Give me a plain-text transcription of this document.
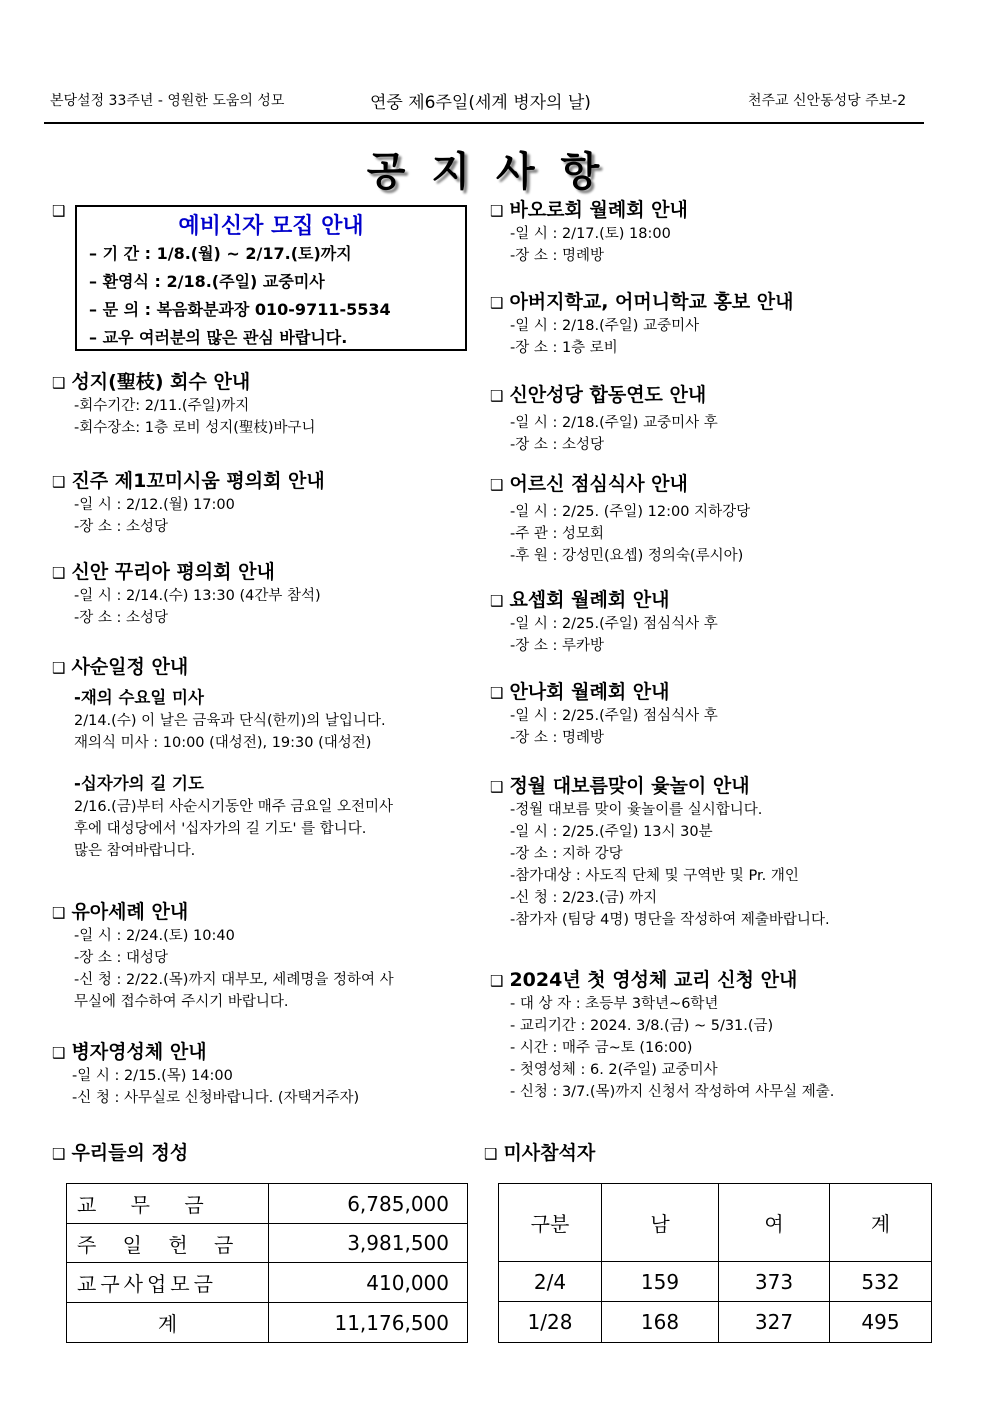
본당설정 33주년 - 영원한 도움의 성모	연중 제6주일(세계 병자의 날)	천주교 신안동성당 주보-2
공지사항
❑
예비신자 모집 안내
– 기 간 : 1/8.(월) ~ 2/17.(토)까지
– 환영식 : 2/18.(주일) 교중미사
– 문 의 : 복음화분과장 010-9711-5534
– 교우 여러분의 많은 관심 바랍니다.
❑ 성지(聖枝) 회수 안내
-회수기간: 2/11.(주일)까지
-회수장소: 1층 로비 성지(聖枝)바구니
❑ 진주 제1꼬미시움 평의회 안내
-일 시 : 2/12.(월) 17:00
-장 소 : 소성당
❑ 신안 꾸리아 평의회 안내
-일 시 : 2/14.(수) 13:30 (4간부 참석)
-장 소 : 소성당
❑ 사순일정 안내
-재의 수요일 미사
2/14.(수) 이 날은 금육과 단식(한끼)의 날입니다.
재의식 미사 : 10:00 (대성전), 19:30 (대성전)
-십자가의 길 기도
2/16.(금)부터 사순시기동안 매주 금요일 오전미사
후에 대성당에서 '십자가의 길 기도' 를 합니다.
많은 참여바랍니다.
❑ 유아세례 안내
-일 시 : 2/24.(토) 10:40
-장 소 : 대성당
-신 청 : 2/22.(목)까지 대부모, 세례명을 정하여 사
무실에 접수하여 주시기 바랍니다.
❑ 병자영성체 안내
-일 시 : 2/15.(목) 14:00
-신 청 : 사무실로 신청바랍니다. (자택거주자)
❑ 바오로회 월례회 안내
-일 시 : 2/17.(토) 18:00
-장 소 : 명례방
❑ 아버지학교, 어머니학교 홍보 안내
-일 시 : 2/18.(주일) 교중미사
-장 소 : 1층 로비
❑ 신안성당 합동연도 안내
-일 시 : 2/18.(주일) 교중미사 후
-장 소 : 소성당
❑ 어르신 점심식사 안내
-일 시 : 2/25. (주일) 12:00 지하강당
-주 관 : 성모회
-후 원 : 강성민(요셉) 정의숙(루시아)
❑ 요셉회 월례회 안내
-일 시 : 2/25.(주일) 점심식사 후
-장 소 : 루카방
❑ 안나회 월례회 안내
-일 시 : 2/25.(주일) 점심식사 후
-장 소 : 명례방
❑ 정월 대보름맞이 윷놀이 안내
-정월 대보름 맞이 윷놀이를 실시합니다.
-일 시 : 2/25.(주일) 13시 30분
-장 소 : 지하 강당
-참가대상 : 사도직 단체 및 구역반 및 Pr. 개인
-신 청 : 2/23.(금) 까지
-참가자 (팀당 4명) 명단을 작성하여 제출바랍니다.
❑ 2024년 첫 영성체 교리 신청 안내
- 대 상 자 : 초등부 3학년~6학년
- 교리기간 : 2024. 3/8.(금) ~ 5/31.(금)
- 시간 : 매주 금~토 (16:00)
- 첫영성체 : 6. 2(주일) 교중미사
- 신청 : 3/7.(목)까지 신청서 작성하여 사무실 제출.
❑ 우리들의 정성
교 무 금	6,785,000
주 일 헌 금	3,981,500
교구사업모금	410,000
계	11,176,500
❑ 미사참석자
구분	남	여	계
2/4	159	373	532
1/28	168	327	495
